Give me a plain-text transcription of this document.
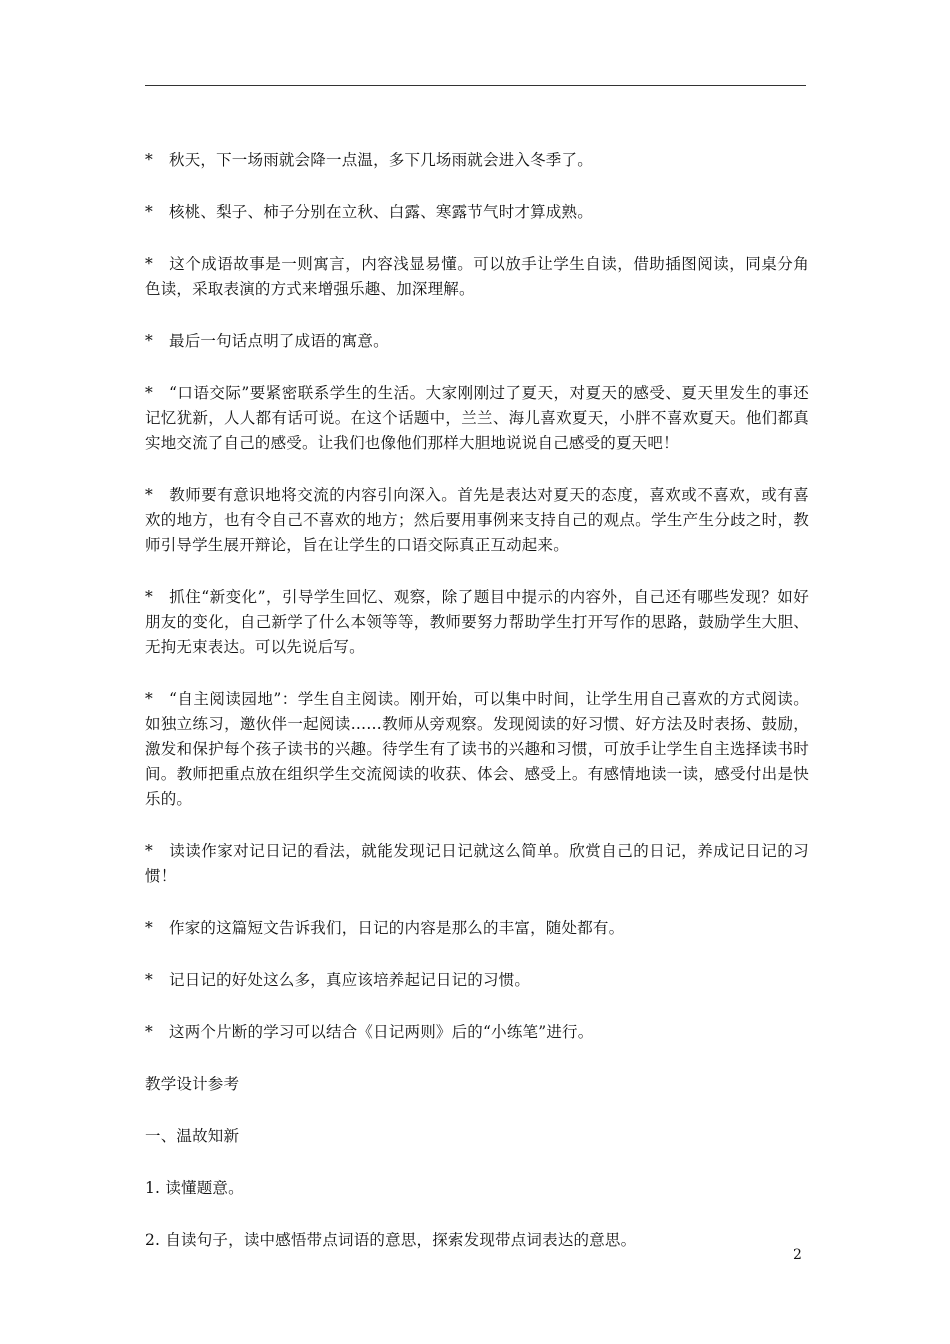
* 秋天，下一场雨就会降一点温，多下几场雨就会进入冬季了。

* 核桃、梨子、柿子分别在立秋、白露、寒露节气时才算成熟。

* 这个成语故事是一则寓言，内容浅显易懂。可以放手让学生自读，借助插图阅读，同桌分角色读，采取表演的方式来增强乐趣、加深理解。

* 最后一句话点明了成语的寓意。

* “口语交际”要紧密联系学生的生活。大家刚刚过了夏天，对夏天的感受、夏天里发生的事还记忆犹新，人人都有话可说。在这个话题中，兰兰、海儿喜欢夏天，小胖不喜欢夏天。他们都真实地交流了自己的感受。让我们也像他们那样大胆地说说自己感受的夏天吧！

* 教师要有意识地将交流的内容引向深入。首先是表达对夏天的态度，喜欢或不喜欢，或有喜欢的地方，也有令自己不喜欢的地方；然后要用事例来支持自己的观点。学生产生分歧之时，教师引导学生展开辩论，旨在让学生的口语交际真正互动起来。

* 抓住“新变化”，引导学生回忆、观察，除了题目中提示的内容外，自己还有哪些发现？如好朋友的变化，自己新学了什么本领等等，教师要努力帮助学生打开写作的思路，鼓励学生大胆、无拘无束表达。可以先说后写。

* “自主阅读园地”：学生自主阅读。刚开始，可以集中时间，让学生用自己喜欢的方式阅读。如独立练习，邀伙伴一起阅读……教师从旁观察。发现阅读的好习惯、好方法及时表扬、鼓励，激发和保护每个孩子读书的兴趣。待学生有了读书的兴趣和习惯，可放手让学生自主选择读书时间。教师把重点放在组织学生交流阅读的收获、体会、感受上。有感情地读一读，感受付出是快乐的。

* 读读作家对记日记的看法，就能发现记日记就这么简单。欣赏自己的日记，养成记日记的习惯！

* 作家的这篇短文告诉我们，日记的内容是那么的丰富，随处都有。

* 记日记的好处这么多，真应该培养起记日记的习惯。

* 这两个片断的学习可以结合《日记两则》后的“小练笔”进行。

教学设计参考

一、温故知新

1. 读懂题意。

2. 自读句子，读中感悟带点词语的意思，探索发现带点词表达的意思。

2
